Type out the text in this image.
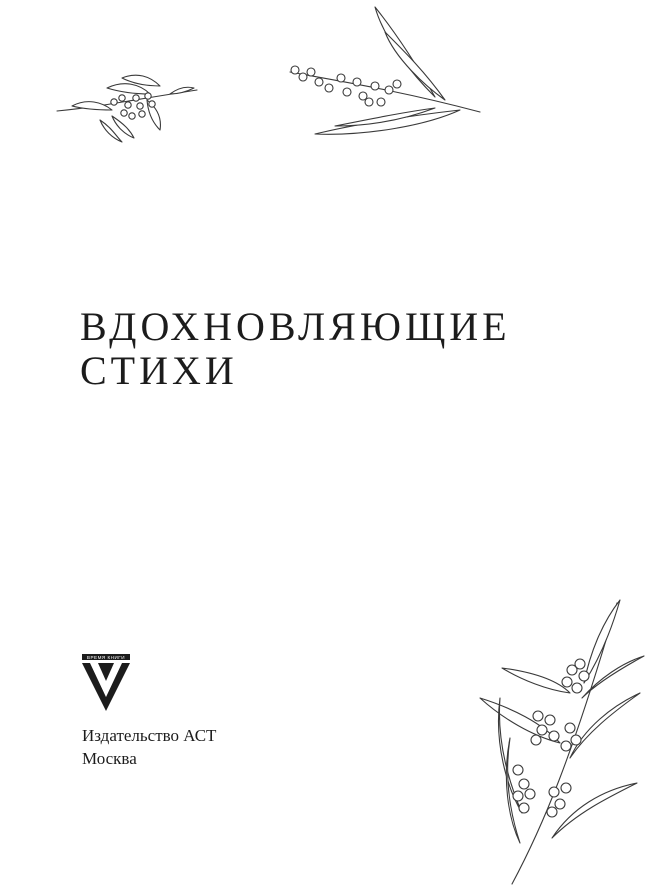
ВДОХНОВЛЯЮЩИЕ
СТИХИ
ВРЕМЯ КНИГИ
Издательство АСТ
Москва
